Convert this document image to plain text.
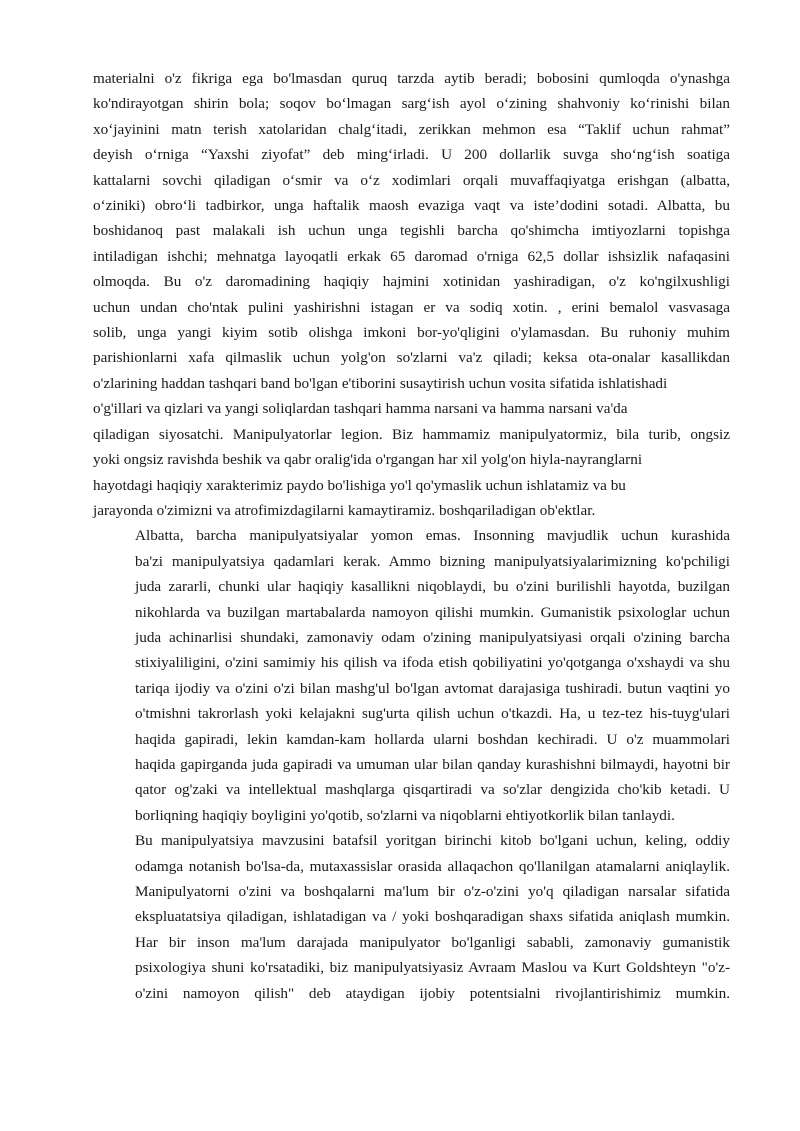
materialni o'z fikriga ega bo'lmasdan quruq tarzda aytib beradi; bobosini qumloqda o'ynashga
ko'ndirayotgan shirin bola; soqov bo‘lmagan sarg‘ish ayol o‘zining shahvoniy ko‘rinishi bilan
xo‘jayinini matn terish xatolaridan chalg‘itadi, zerikkan mehmon esa “Taklif uchun rahmat”
deyish o‘rniga “Yaxshi ziyofat” deb ming‘irladi. U 200 dollarlik suvga sho‘ng‘ish soatiga
kattalarni sovchi qiladigan o‘smir va o‘z xodimlari orqali muvaffaqiyatga erishgan (albatta,
o‘ziniki) obro‘li tadbirkor, unga haftalik maosh evaziga vaqt va iste’dodini sotadi. Albatta, bu
boshidanoq past malakali ish uchun unga tegishli barcha qo'shimcha imtiyozlarni topishga
intiladigan ishchi; mehnatga layoqatli erkak 65 daromad o'rniga 62,5 dollar ishsizlik nafaqasini
olmoqda. Bu o'z daromadining haqiqiy hajmini xotinidan yashiradigan, o'z ko'ngilxushligi
uchun undan cho'ntak pulini yashirishni istagan er va sodiq xotin. , erini bemalol vasvasaga
solib, unga yangi kiyim sotib olishga imkoni bor-yo'qligini o'ylamasdan. Bu ruhoniy muhim
parishionlarni xafa qilmaslik uchun yolg'on so'zlarni va'z qiladi; keksa ota-onalar kasallikdan
o'zlarining haddan tashqari band bo'lgan e'tiborini susaytirish uchun vosita sifatida ishlatishadi
o'g'illari va qizlari va yangi soliqlardan tashqari hamma narsani va hamma narsani va'da
qiladigan siyosatchi. Manipulyatorlar legion. Biz hammamiz manipulyatormiz, bila turib, ongsiz
yoki ongsiz ravishda beshik va qabr oralig'ida o'rgangan har xil yolg'on hiyla-nayranglarni
hayotdagi haqiqiy xarakterimiz paydo bo'lishiga yo'l qo'ymaslik uchun ishlatamiz va bu
jarayonda o'zimizni va atrofimizdagilarni kamaytiramiz. boshqariladigan ob'ektlar.

Albatta, barcha manipulyatsiyalar yomon emas. Insonning mavjudlik uchun kurashida
ba'zi manipulyatsiya qadamlari kerak. Ammo bizning manipulyatsiyalarimizning ko'pchiligi
juda zararli, chunki ular haqiqiy kasallikni niqoblaydi, bu o'zini burilishli hayotda, buzilgan
nikohlarda va buzilgan martabalarda namoyon qilishi mumkin. Gumanistik psixologlar uchun
juda achinarlisi shundaki, zamonaviy odam o'zining manipulyatsiyasi orqali o'zining barcha
stixiyaliligini, o'zini samimiy his qilish va ifoda etish qobiliyatini yo'qotganga o'xshaydi va shu
tariqa ijodiy va o'zini o'zi bilan mashg'ul bo'lgan avtomat darajasiga tushiradi. butun vaqtini yo
o'tmishni takrorlash yoki kelajakni sug'urta qilish uchun o'tkazdi. Ha, u tez-tez his-tuyg'ulari
haqida gapiradi, lekin kamdan-kam hollarda ularni boshdan kechiradi. U o'z muammolari
haqida gapirganda juda gapiradi va umuman ular bilan qanday kurashishni bilmaydi, hayotni bir
qator og'zaki va intellektual mashqlarga qisqartiradi va so'zlar dengizida cho'kib ketadi. U
borliqning haqiqiy boyligini yo'qotib, so'zlarni va niqoblarni ehtiyotkorlik bilan tanlaydi.

Bu manipulyatsiya mavzusini batafsil yoritgan birinchi kitob bo'lgani uchun, keling, oddiy
odamga notanish bo'lsa-da, mutaxassislar orasida allaqachon qo'llanilgan atamalarni aniqlaylik.
Manipulyatorni o'zini va boshqalarni ma'lum bir o'z-o'zini yo'q qiladigan narsalar sifatida
ekspluatatsiya qiladigan, ishlatadigan va / yoki boshqaradigan shaxs sifatida aniqlash mumkin.
Har bir inson ma'lum darajada manipulyator bo'lganligi sababli, zamonaviy gumanistik
psixologiya shuni ko'rsatadiki, biz manipulyatsiyasiz Avraam Maslou va Kurt Goldshteyn "o'z-
o'zini namoyon qilish" deb ataydigan ijobiy potentsialni rivojlantirishimiz mumkin.
